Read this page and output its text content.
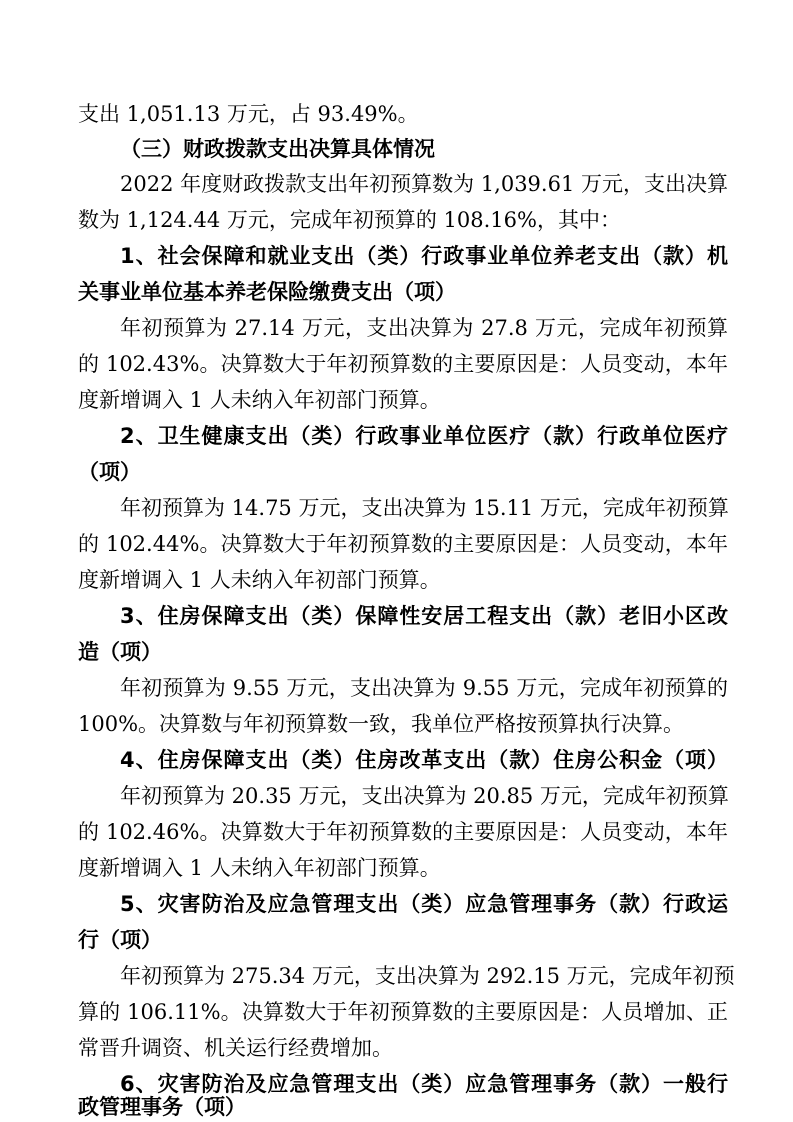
支出 1,051.13 万元，占 93.49%。
（三）财政拨款支出决算具体情况
2022 年度财政拨款支出年初预算数为 1,039.61 万元，支出决算
数为 1,124.44 万元，完成年初预算的 108.16%，其中：
1、社会保障和就业支出（类）行政事业单位养老支出（款）机
关事业单位基本养老保险缴费支出（项）
年初预算为 27.14 万元，支出决算为 27.8 万元，完成年初预算
的 102.43%。决算数大于年初预算数的主要原因是：人员变动，本年
度新增调入 1 人未纳入年初部门预算。
2、卫生健康支出（类）行政事业单位医疗（款）行政单位医疗
（项）
年初预算为 14.75 万元，支出决算为 15.11 万元，完成年初预算
的 102.44%。决算数大于年初预算数的主要原因是：人员变动，本年
度新增调入 1 人未纳入年初部门预算。
3、住房保障支出（类）保障性安居工程支出（款）老旧小区改
造（项）
年初预算为 9.55 万元，支出决算为 9.55 万元，完成年初预算的
100%。决算数与年初预算数一致，我单位严格按预算执行决算。
4、住房保障支出（类）住房改革支出（款）住房公积金（项）
年初预算为 20.35 万元，支出决算为 20.85 万元，完成年初预算
的 102.46%。决算数大于年初预算数的主要原因是：人员变动，本年
度新增调入 1 人未纳入年初部门预算。
5、灾害防治及应急管理支出（类）应急管理事务（款）行政运
行（项）
年初预算为 275.34 万元，支出决算为 292.15 万元，完成年初预
算的 106.11%。决算数大于年初预算数的主要原因是：人员增加、正
常晋升调资、机关运行经费增加。
6、灾害防治及应急管理支出（类）应急管理事务（款）一般行
政管理事务（项）
